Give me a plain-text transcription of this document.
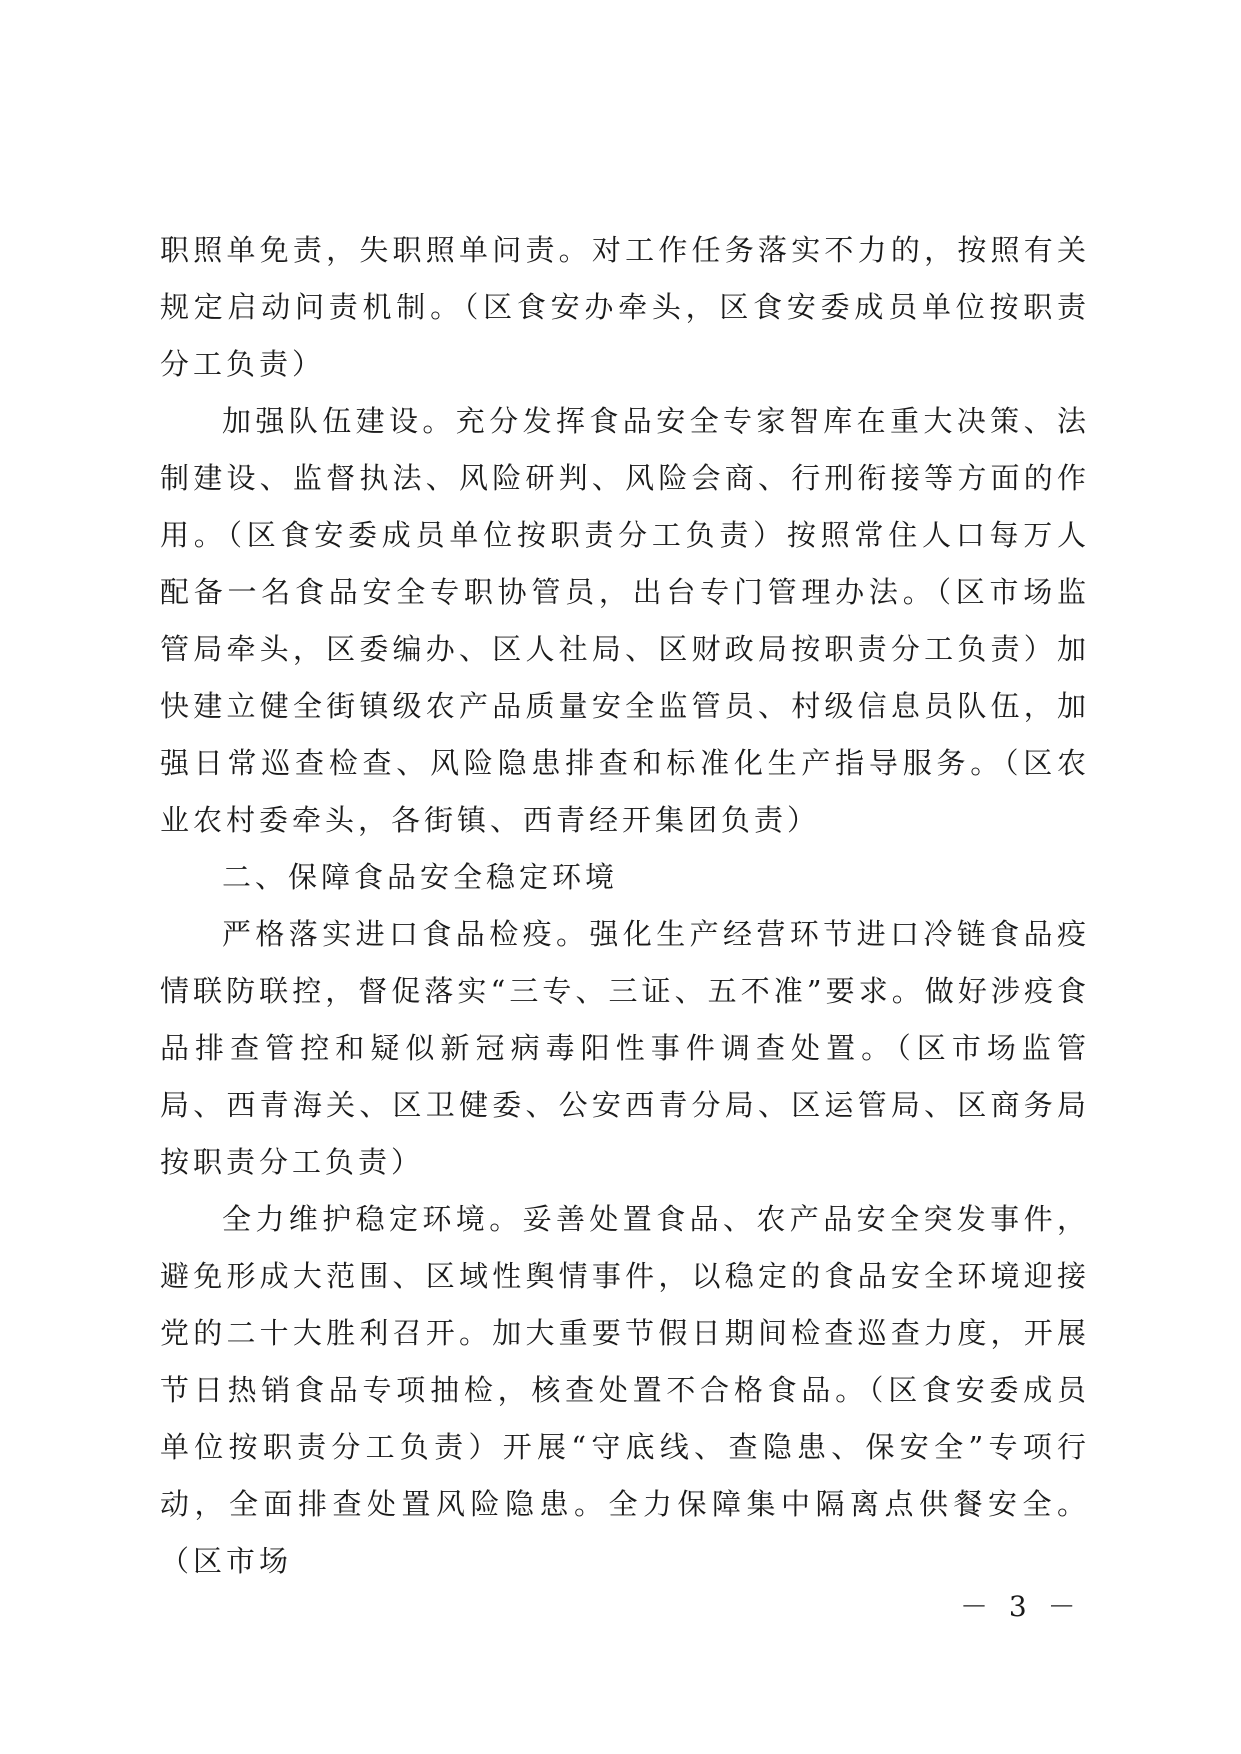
职照单免责，失职照单问责。对工作任务落实不力的，按照有关规定启动问责机制。（区食安办牵头，区食安委成员单位按职责分工负责）

加强队伍建设。充分发挥食品安全专家智库在重大决策、法制建设、监督执法、风险研判、风险会商、行刑衔接等方面的作用。（区食安委成员单位按职责分工负责）按照常住人口每万人配备一名食品安全专职协管员，出台专门管理办法。（区市场监管局牵头，区委编办、区人社局、区财政局按职责分工负责）加快建立健全街镇级农产品质量安全监管员、村级信息员队伍，加强日常巡查检查、风险隐患排查和标准化生产指导服务。（区农业农村委牵头，各街镇、西青经开集团负责）

二、保障食品安全稳定环境

严格落实进口食品检疫。强化生产经营环节进口冷链食品疫情联防联控，督促落实“三专、三证、五不准”要求。做好涉疫食品排查管控和疑似新冠病毒阳性事件调查处置。（区市场监管局、西青海关、区卫健委、公安西青分局、区运管局、区商务局按职责分工负责）

全力维护稳定环境。妥善处置食品、农产品安全突发事件，避免形成大范围、区域性舆情事件，以稳定的食品安全环境迎接党的二十大胜利召开。加大重要节假日期间检查巡查力度，开展节日热销食品专项抽检，核查处置不合格食品。（区食安委成员单位按职责分工负责）开展“守底线、查隐患、保安全”专项行动，全面排查处置风险隐患。全力保障集中隔离点供餐安全。（区市场

－ 3 －
